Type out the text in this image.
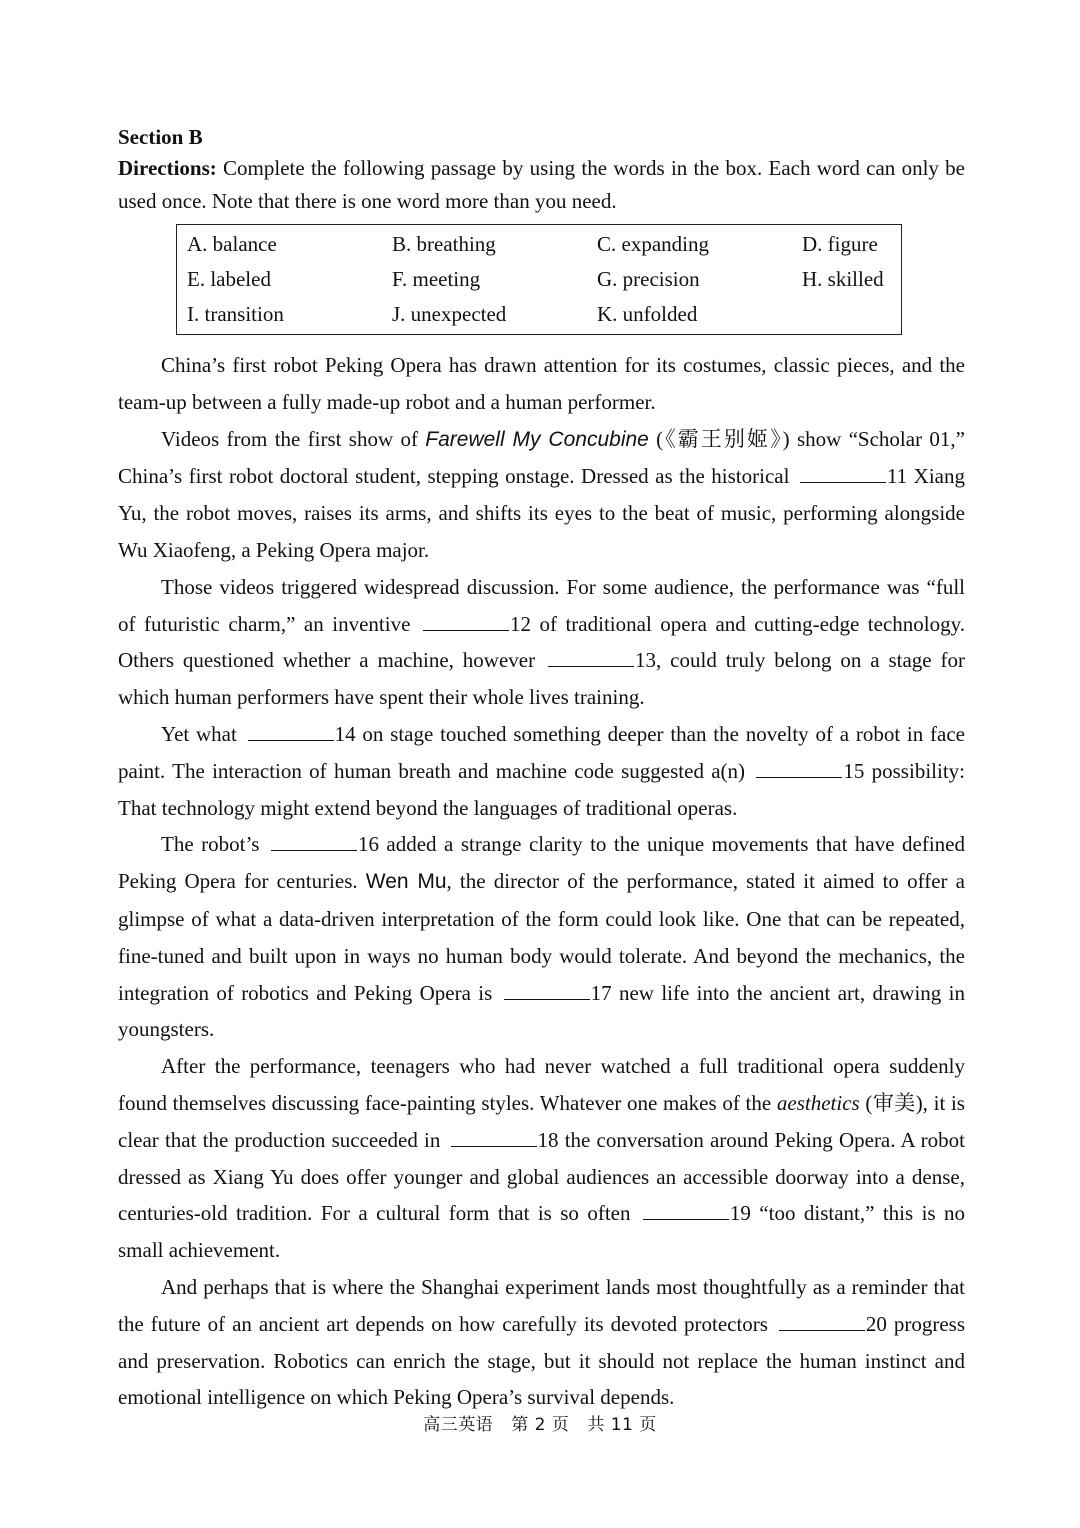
Section B
Directions: Complete the following passage by using the words in the box. Each word can only be used once. Note that there is one word more than you need.
A. balance	B. breathing	C. expanding	D. figure
E. labeled	F. meeting	G. precision	H. skilled
I. transition	J. unexpected	K. unfolded	

China’s first robot Peking Opera has drawn attention for its costumes, classic pieces, and the team-up between a fully made-up robot and a human performer.

Videos from the first show of Farewell My Concubine (《霸王别姬》) show “Scholar 01,” China’s first robot doctoral student, stepping onstage. Dressed as the historical	11 Xiang Yu, the robot moves, raises its arms, and shifts its eyes to the beat of music, performing alongside Wu Xiaofeng, a Peking Opera major.

Those videos triggered widespread discussion. For some audience, the performance was “full of futuristic charm,” an inventive	12 of traditional opera and cutting-edge technology. Others questioned whether a machine, however	13, could truly belong on a stage for which human performers have spent their whole lives training.

Yet what	14 on stage touched something deeper than the novelty of a robot in face paint. The interaction of human breath and machine code suggested a(n)	15 possibility: That technology might extend beyond the languages of traditional operas.

The robot’s	16 added a strange clarity to the unique movements that have defined Peking Opera for centuries. Wen Mu, the director of the performance, stated it aimed to offer a glimpse of what a data-driven interpretation of the form could look like. One that can be repeated, fine-tuned and built upon in ways no human body would tolerate. And beyond the mechanics, the integration of robotics and Peking Opera is	17 new life into the ancient art, drawing in youngsters.

After the performance, teenagers who had never watched a full traditional opera suddenly found themselves discussing face-painting styles. Whatever one makes of the aesthetics (审美), it is clear that the production succeeded in	18 the conversation around Peking Opera. A robot dressed as Xiang Yu does offer younger and global audiences an accessible doorway into a dense, centuries-old tradition. For a cultural form that is so often	19 “too distant,” this is no small achievement.

And perhaps that is where the Shanghai experiment lands most thoughtfully as a reminder that the future of an ancient art depends on how carefully its devoted protectors	20 progress and preservation. Robotics can enrich the stage, but it should not replace the human instinct and emotional intelligence on which Peking Opera’s survival depends.

高三英语 第 2 页 共 11 页
